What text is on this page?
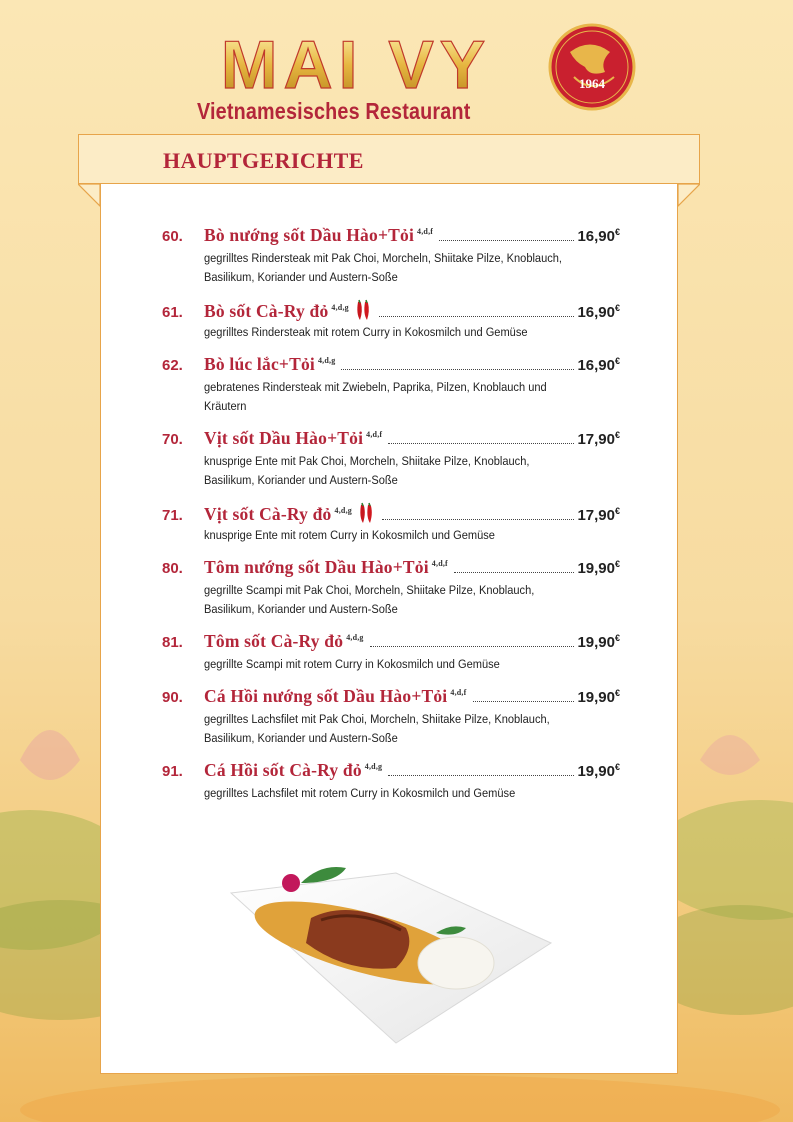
MAI VY
Vietnamesisches Restaurant
1964
HAUPTGERICHTE
60.	Bò nướng sốt Dầu Hào+Tỏi $^{4,d,f}$	16,90€
gegrilltes Rindersteak mit Pak Choi, Morcheln, Shiitake Pilze, Knoblauch, Basilikum, Koriander und Austern-Soße
61.	Bò sốt Cà-Ry đỏ $^{4,d,g}$	16,90€
gegrilltes Rindersteak mit rotem Curry in Kokosmilch und Gemüse
62.	Bò lúc lắc+Tỏi $^{4,d,g}$	16,90€
gebratenes Rindersteak mit Zwiebeln, Paprika, Pilzen, Knoblauch und Kräutern
70.	Vịt sốt Dầu Hào+Tỏi $^{4,d,f}$	17,90€
knusprige Ente mit Pak Choi, Morcheln, Shiitake Pilze, Knoblauch, Basilikum, Koriander und Austern-Soße
71.	Vịt sốt Cà-Ry đỏ $^{4,d,g}$	17,90€
knusprige Ente mit rotem Curry in Kokosmilch und Gemüse
80.	Tôm nướng sốt Dầu Hào+Tỏi $^{4,d,f}$	19,90€
gegrillte Scampi mit Pak Choi, Morcheln, Shiitake Pilze, Knoblauch, Basilikum, Koriander und Austern-Soße
81.	Tôm sốt Cà-Ry đỏ $^{4,d,g}$	19,90€
gegrillte Scampi mit rotem Curry in Kokosmilch und Gemüse
90.	Cá Hồi nướng sốt Dầu Hào+Tỏi $^{4,d,f}$	19,90€
gegrilltes Lachsfilet mit Pak Choi, Morcheln, Shiitake Pilze, Knoblauch, Basilikum, Koriander und Austern-Soße
91.	Cá Hồi sốt Cà-Ry đỏ $^{4,d,g}$	19,90€
gegrilltes Lachsfilet mit rotem Curry in Kokosmilch und Gemüse
